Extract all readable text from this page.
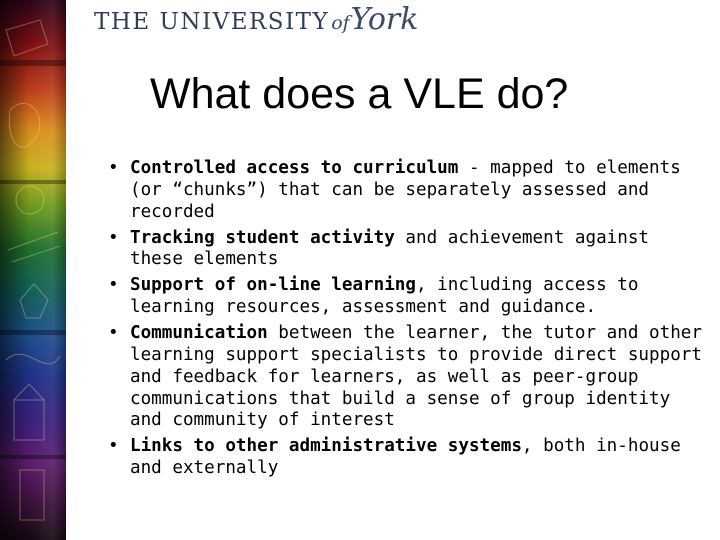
THE UNIVERSITY of York
What does a VLE do?
• Controlled access to curriculum - mapped to elements (or “chunks”) that can be separately assessed and recorded
• Tracking student activity and achievement against these elements
• Support of on-line learning, including access to learning resources, assessment and guidance.
• Communication between the learner, the tutor and other learning support specialists to provide direct support and feedback for learners, as well as peer-group communications that build a sense of group identity and community of interest
• Links to other administrative systems, both in-house and externally
